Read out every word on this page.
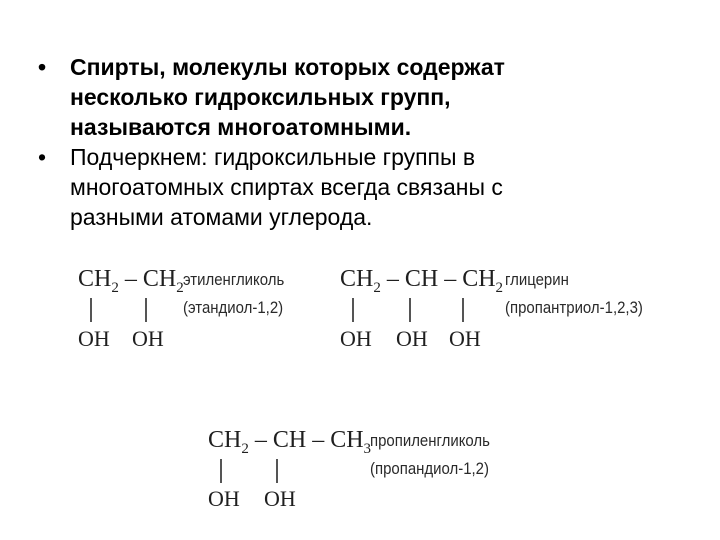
• Спирты, молекулы которых содержат
несколько гидроксильных групп,
называются многоатомными.

• Подчеркнем: гидроксильные группы в
многоатомных спиртах всегда связаны с
разными атомами углерода.

$CH_2 - CH_2$
OH OH
этиленгликоль
(этандиол-1,2)
$CH_2$ – CH – $CH_2$
OH OH OH
глицерин
(пропантриол-1,2,3)
$CH_2$ – CH – $CH_3$
OH OH
пропиленгликоль
(пропандиол-1,2)
